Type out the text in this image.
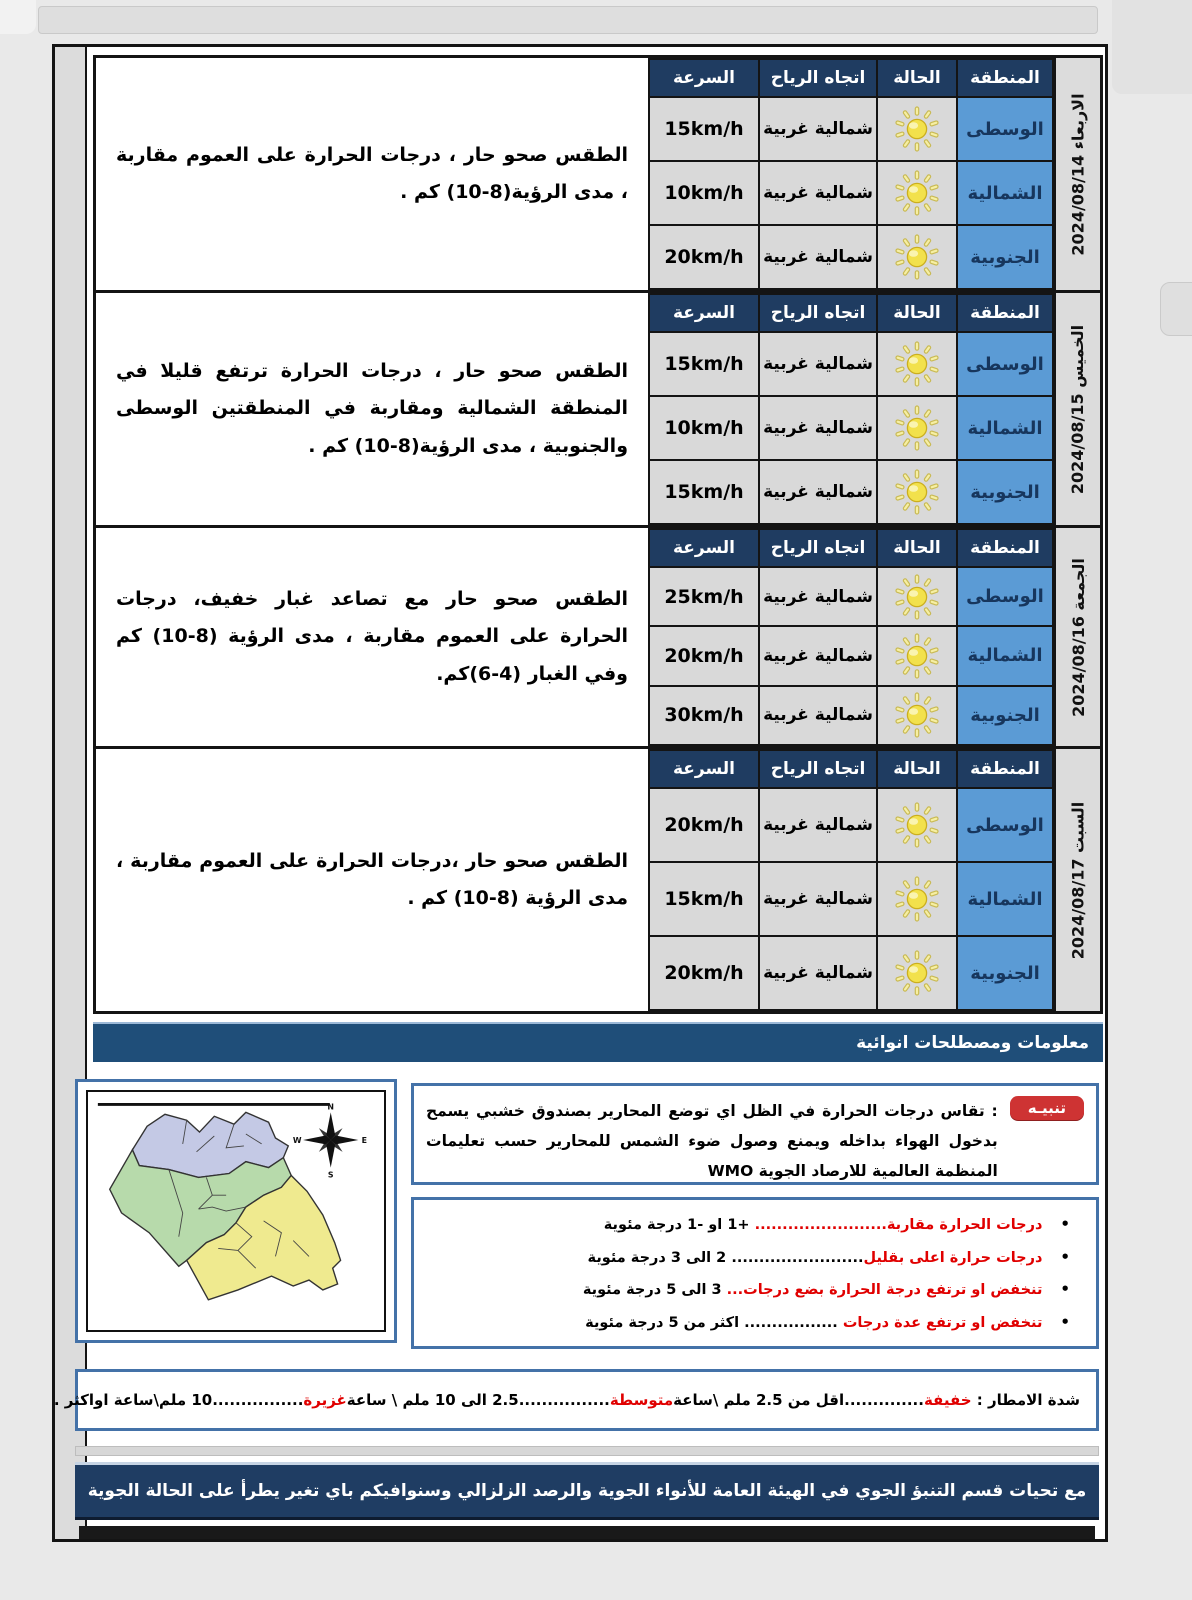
الاربعاء 2024/08/14
المنطقة	الحالة	اتجاه الرياح	السرعة
الوسطى		شمالية غربية	15km/h
الشمالية		شمالية غربية	10km/h
الجنوبية		شمالية غربية	20km/h

الطقس صحو حار ، درجات الحرارة على العموم مقاربة ، مدى الرؤية(8-10) كم .

الخميس 2024/08/15
المنطقة	الحالة	اتجاه الرياح	السرعة
الوسطى		شمالية غربية	15km/h
الشمالية		شمالية غربية	10km/h
الجنوبية		شمالية غربية	15km/h

الطقس صحو حار ، درجات الحرارة ترتفع قليلا في المنطقة الشمالية ومقاربة في المنطقتين الوسطى والجنوبية ، مدى الرؤية(8-10) كم .

الجمعة 2024/08/16
المنطقة	الحالة	اتجاه الرياح	السرعة
الوسطى		شمالية غربية	25km/h
الشمالية		شمالية غربية	20km/h
الجنوبية		شمالية غربية	30km/h

الطقس صحو حار مع تصاعد غبار خفيف، درجات الحرارة على العموم مقاربة ، مدى الرؤية (8-10) كم وفي الغبار (4-6)كم.

السبت 2024/08/17
المنطقة	الحالة	اتجاه الرياح	السرعة
الوسطى		شمالية غربية	20km/h
الشمالية		شمالية غربية	15km/h
الجنوبية		شمالية غربية	20km/h

الطقس صحو حار ،درجات الحرارة على العموم مقاربة ، مدى الرؤية (8-10) كم .

معلومات ومصطلحات انوائية
N
S
E
W
تنبيـه

: تقاس درجات الحرارة في الظل اي توضع المحارير بصندوق خشبي يسمح بدخول الهواء بداخله ويمنع وصول ضوء الشمس للمحارير حسب تعليمات المنظمة العالمية للارصاد الجوية WMO

•درجات الحرارة مقاربة........................ +1 او -1 درجة مئوية
•درجات حرارة اعلى بقليل........................ 2 الى 3 درجة مئوية
•تنخفض او ترتفع درجة الحرارة بضع درجات... 3 الى 5 درجة مئوية
•تنخفض او ترتفع عدة درجات ................. اكثر من 5 درجة مئوية
شدة الامطار :

خفيفة
..............
اقل من 2.5 ملم \ساعة
متوسطة
................
2.5 الى 10 ملم \ ساعة
غزيرة
................
10 ملم\ساعة اواكثر .
مع تحيات قسم التنبؤ الجوي في الهيئة العامة للأنواء الجوية والرصد الزلزالي وسنوافيكم باي تغير يطرأ على الحالة الجوية
